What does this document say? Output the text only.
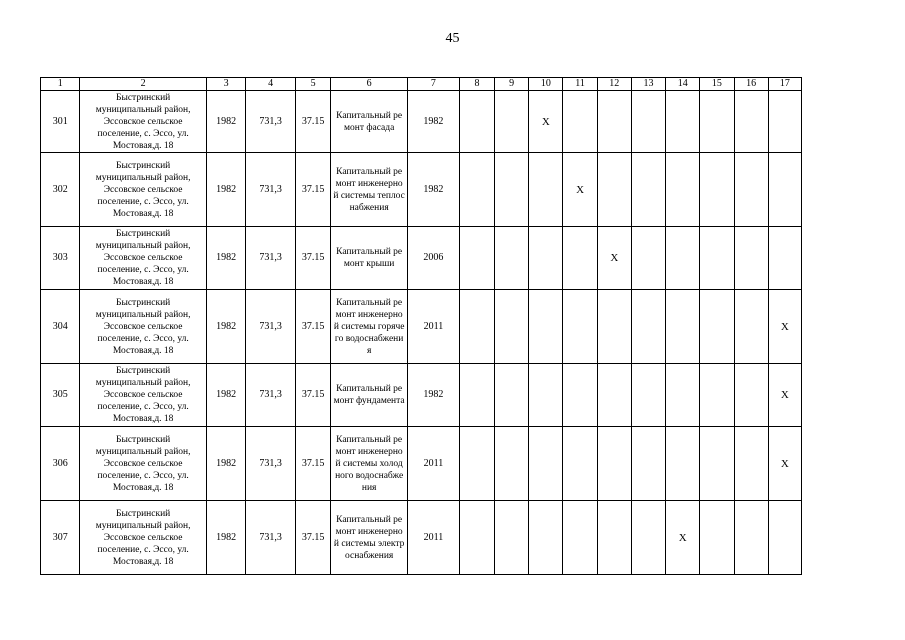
45
1	2	3	4	5	6	7	8	9	10	11	12	13	14	15	16	17
301	Быстринский муниципальный район, Эссовское сельское поселение, с. Эссо, ул. Мостовая,д. 18	1982	731,3	37.15	Капитальный ремонт фасада	1982			X							
302	Быстринский муниципальный район, Эссовское сельское поселение, с. Эссо, ул. Мостовая,д. 18	1982	731,3	37.15	Капитальный ремонт инженерной системы теплоснабжения	1982				X						
303	Быстринский муниципальный район, Эссовское сельское поселение, с. Эссо, ул. Мостовая,д. 18	1982	731,3	37.15	Капитальный ремонт крыши	2006					X					
304	Быстринский муниципальный район, Эссовское сельское поселение, с. Эссо, ул. Мостовая,д. 18	1982	731,3	37.15	Капитальный ремонт инженерной системы горячего водоснабжения	2011										X
305	Быстринский муниципальный район, Эссовское сельское поселение, с. Эссо, ул. Мостовая,д. 18	1982	731,3	37.15	Капитальный ремонт фундамента	1982										X
306	Быстринский муниципальный район, Эссовское сельское поселение, с. Эссо, ул. Мостовая,д. 18	1982	731,3	37.15	Капитальный ремонт инженерной системы холодного водоснабжения	2011										X
307	Быстринский муниципальный район, Эссовское сельское поселение, с. Эссо, ул. Мостовая,д. 18	1982	731,3	37.15	Капитальный ремонт инженерной системы электроснабжения	2011							X			
